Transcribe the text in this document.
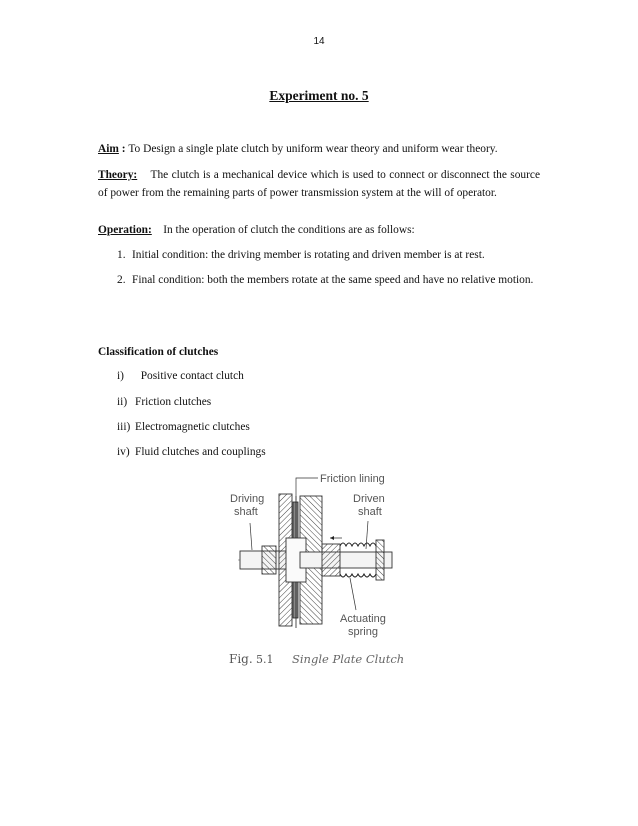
14
Experiment no. 5
Aim : To Design a single plate clutch by uniform wear theory and uniform wear theory.
Theory: The clutch is a mechanical device which is used to connect or disconnect the source of power from the remaining parts of power transmission system at the will of operator.
Operation: In the operation of clutch the conditions are as follows:
1. Initial condition: the driving member is rotating and driven member is at rest.
2. Final condition: both the members rotate at the same speed and have no relative motion.
Classification of clutches
i) Positive contact clutch
ii) Friction clutches
iii) Electromagnetic clutches
iv) Fluid clutches and couplings
Friction lining
Driving
shaft
Driven
shaft
Actuating
spring
Fig. 5.1 Single Plate Clutch
